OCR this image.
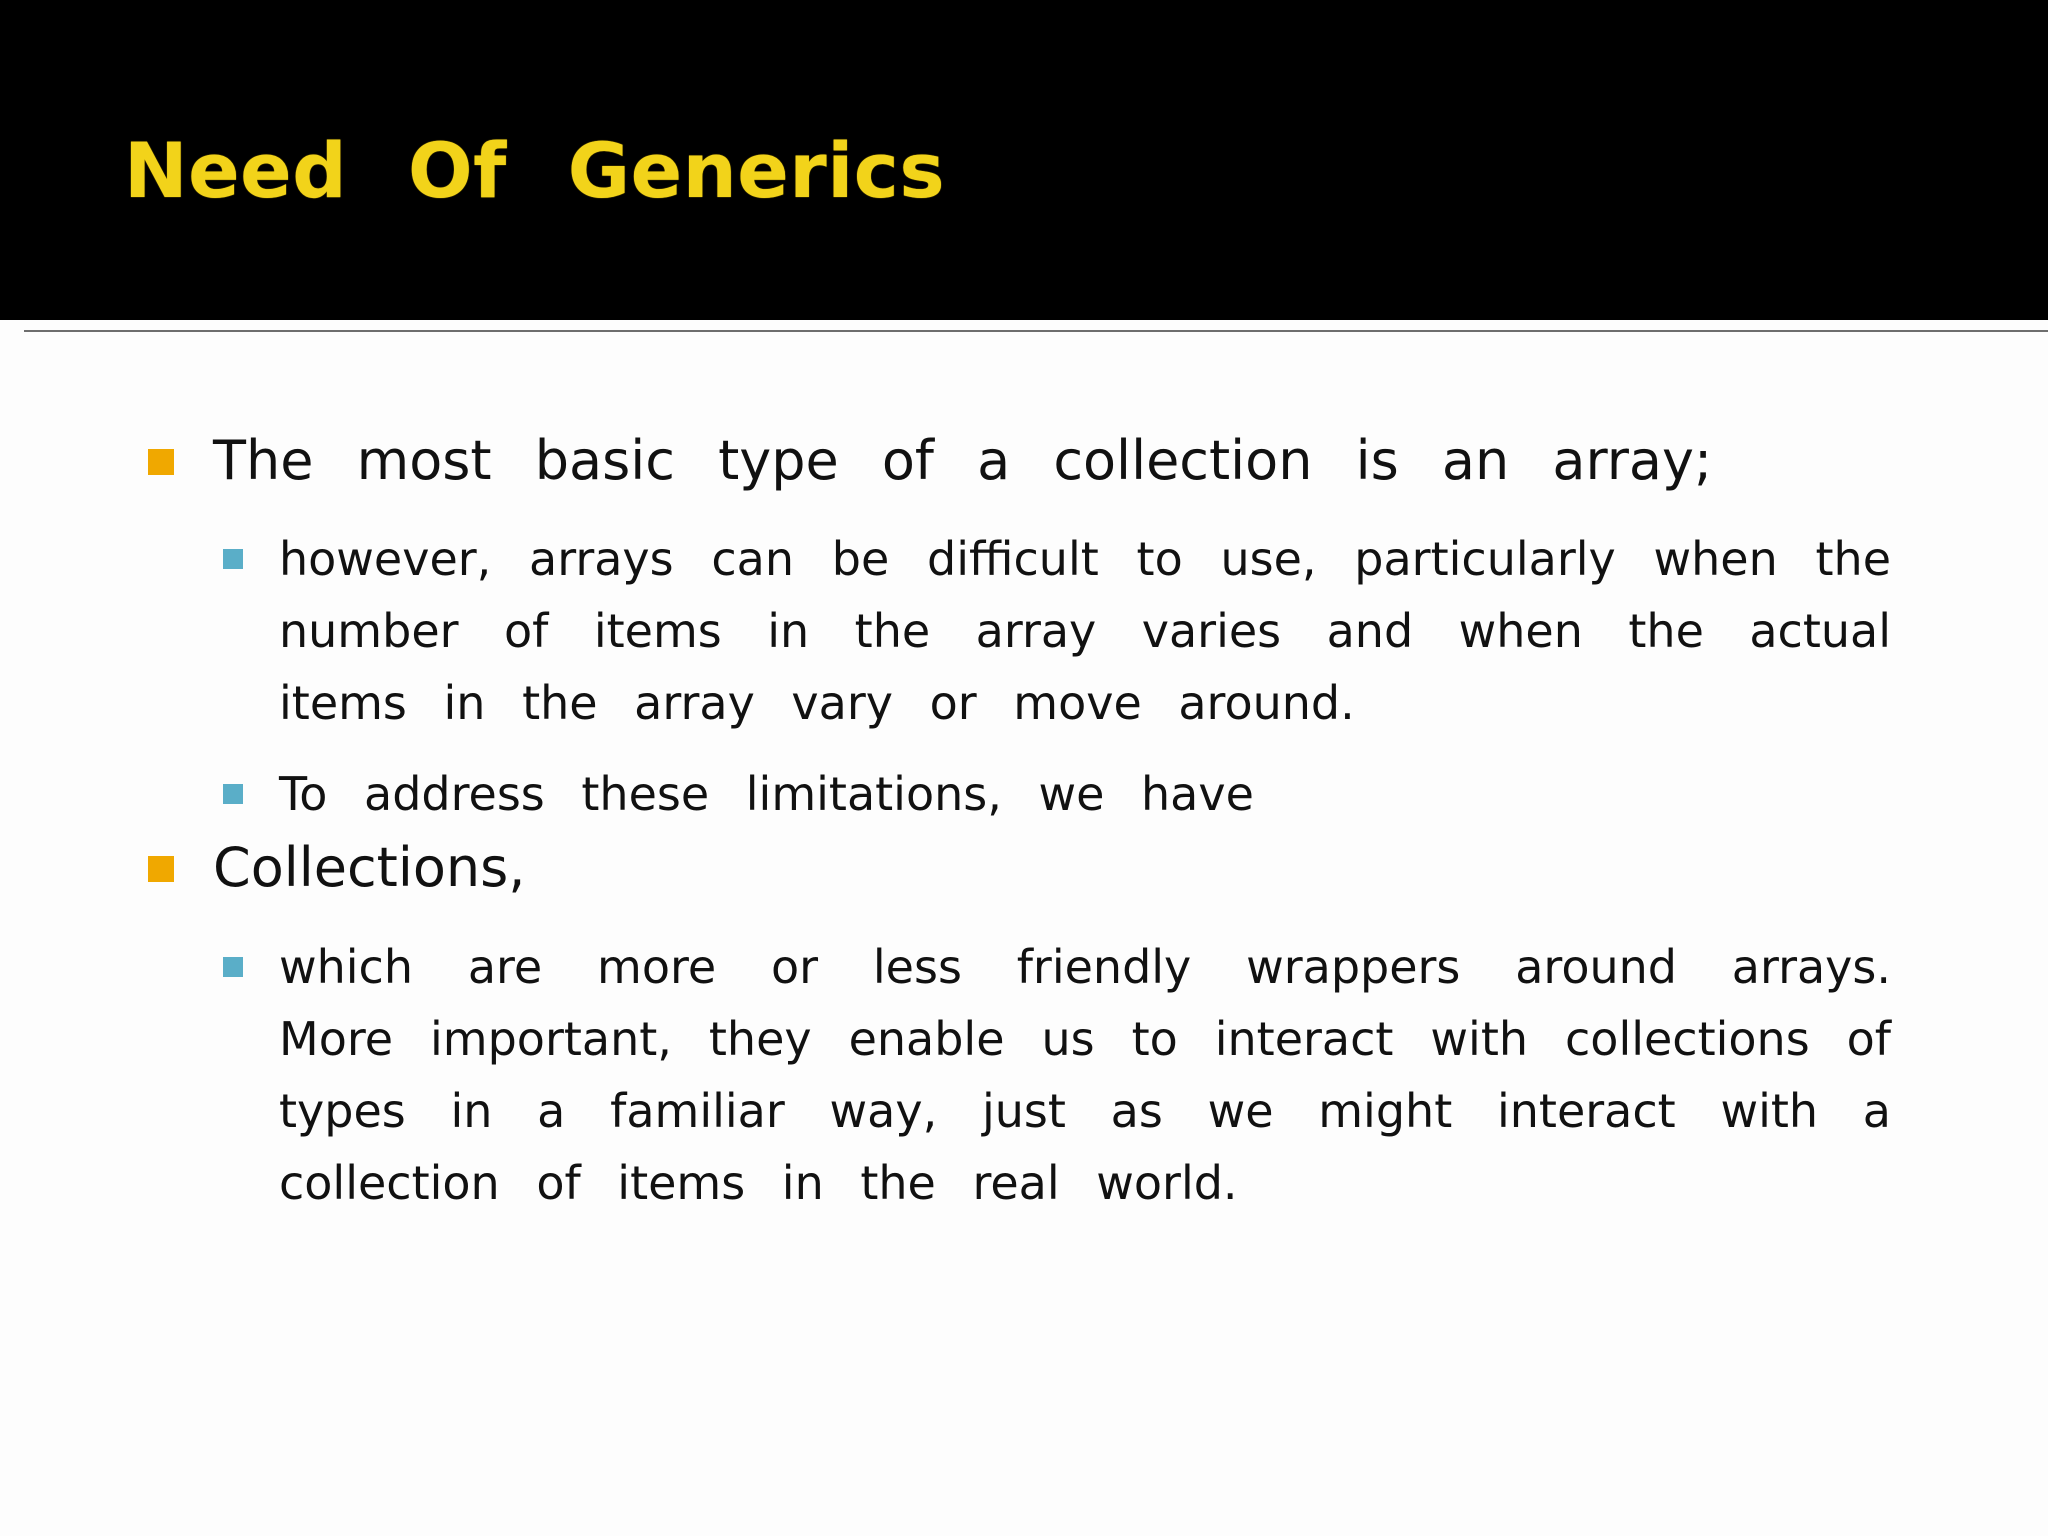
Need Of Generics
The most basic type of a collection is an array;
however, arrays can be difficult to use, particularly when the number of items in the array varies and when the actual items in the array vary or move around.
To address these limitations, we have
Collections,
which are more or less friendly wrappers around arrays. More important, they enable us to interact with collections of types in a familiar way, just as we might interact with a collection of items in the real world.
